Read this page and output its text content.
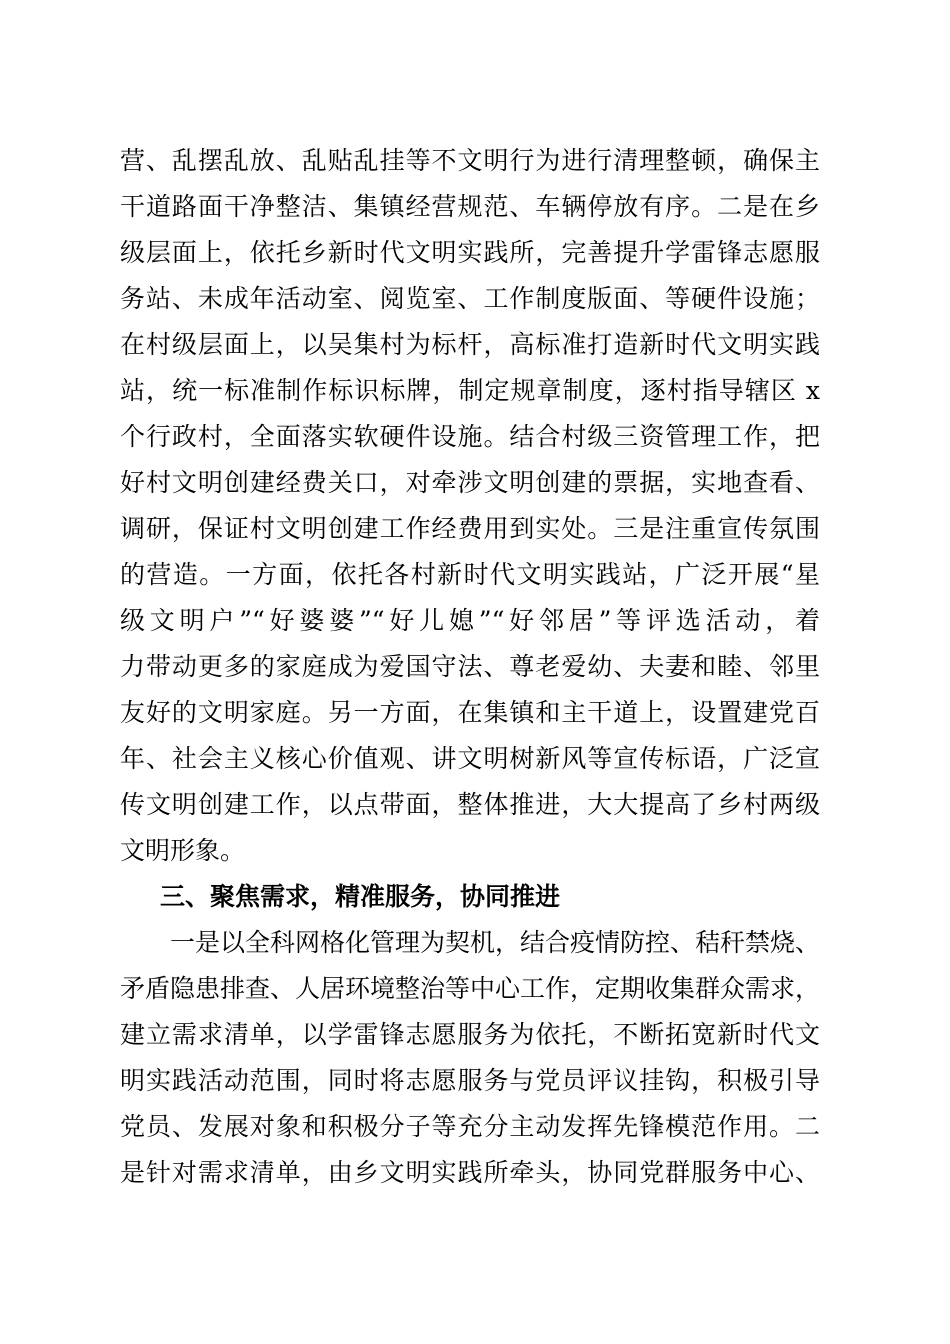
营、乱摆乱放、乱贴乱挂等不文明行为进行清理整顿，确保主
干道路面干净整洁、集镇经营规范、车辆停放有序。二是在乡
级层面上，依托乡新时代文明实践所，完善提升学雷锋志愿服
务站、未成年活动室、阅览室、工作制度版面、等硬件设施；
在村级层面上，以吴集村为标杆，高标准打造新时代文明实践
站，统一标准制作标识标牌，制定规章制度，逐村指导辖区 x
个行政村，全面落实软硬件设施。结合村级三资管理工作，把
好村文明创建经费关口，对牵涉文明创建的票据，实地查看、
调研，保证村文明创建工作经费用到实处。三是注重宣传氛围
的营造。一方面，依托各村新时代文明实践站，广泛开展“星
级文明户”“好婆婆”“好儿媳”“好邻居”等评选活动，着
力带动更多的家庭成为爱国守法、尊老爱幼、夫妻和睦、邻里
友好的文明家庭。另一方面，在集镇和主干道上，设置建党百
年、社会主义核心价值观、讲文明树新风等宣传标语，广泛宣
传文明创建工作，以点带面，整体推进，大大提高了乡村两级
文明形象。
三、聚焦需求，精准服务，协同推进
一是以全科网格化管理为契机，结合疫情防控、秸秆禁烧、
矛盾隐患排查、人居环境整治等中心工作，定期收集群众需求，
建立需求清单，以学雷锋志愿服务为依托，不断拓宽新时代文
明实践活动范围，同时将志愿服务与党员评议挂钩，积极引导
党员、发展对象和积极分子等充分主动发挥先锋模范作用。二
是针对需求清单，由乡文明实践所牵头，协同党群服务中心、
